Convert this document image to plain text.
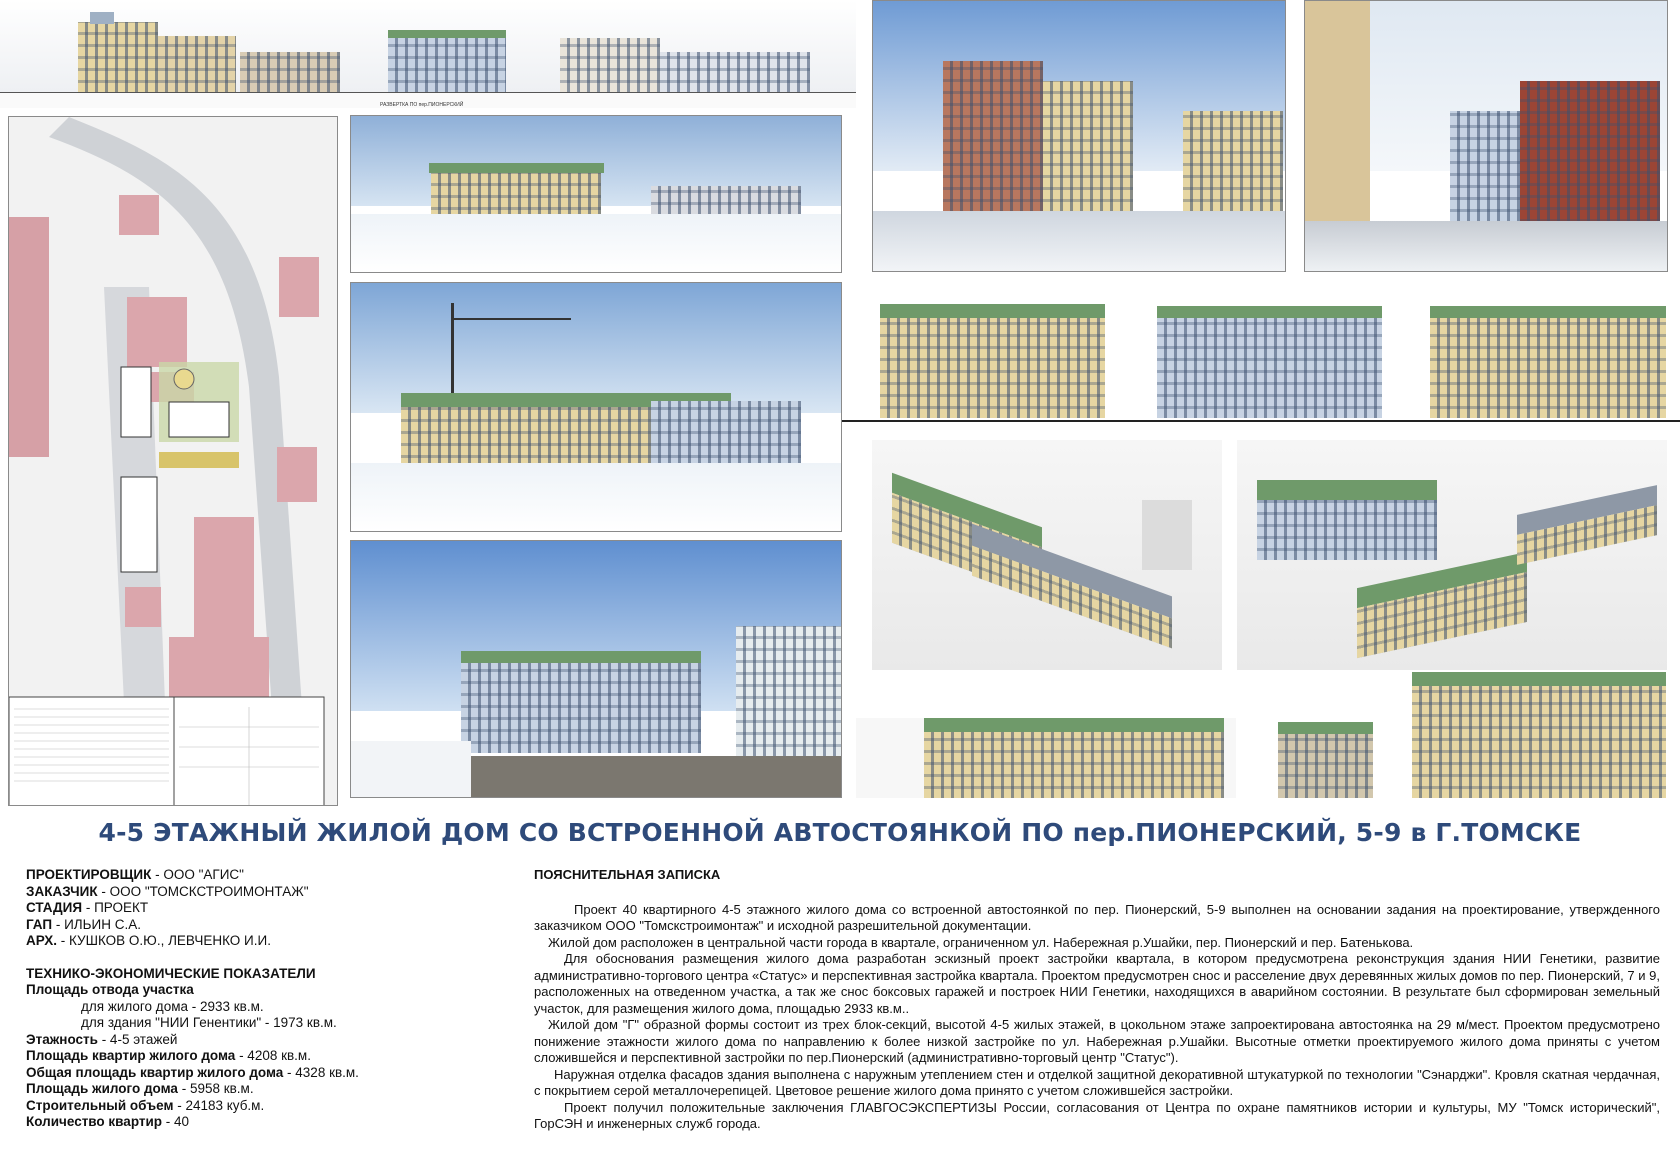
РАЗВЕРТКА ПО пер.ПИОНЕРСКИЙ
4-5 ЭТАЖНЫЙ ЖИЛОЙ ДОМ СО ВСТРОЕННОЙ АВТОСТОЯНКОЙ ПО пер.ПИОНЕРСКИЙ, 5-9 в Г.ТОМСКЕ
ПРОЕКТИРОВЩИК - ООО "АГИС"
ЗАКАЗЧИК - ООО "ТОМСКСТРОИМОНТАЖ"
СТАДИЯ - ПРОЕКТ
ГАП - ИЛЬИН С.А.
АРХ. - КУШКОВ О.Ю., ЛЕВЧЕНКО И.И.
ТЕХНИКО-ЭКОНОМИЧЕСКИЕ ПОКАЗАТЕЛИ
Площадь отвода участка
для жилого дома - 2933 кв.м.
для здания "НИИ Генентики" - 1973 кв.м.
Этажность - 4-5 этажей
Площадь квартир жилого дома - 4208 кв.м.
Общая площадь квартир жилого дома - 4328 кв.м.
Площадь жилого дома - 5958 кв.м.
Строительный объем - 24183 куб.м.
Количество квартир - 40

ПОЯСНИТЕЛЬНАЯ ЗАПИСКА

Проект 40 квартирного 4-5 этажного жилого дома со встроенной автостоянкой по пер. Пионерский, 5-9 выполнен на основании задания на проектирование, утвержденного заказчиком ООО "Томскстроимонтаж" и исходной разрешительной документации.

Жилой дом расположен в центральной части города в квартале, ограниченном ул. Набережная р.Ушайки, пер. Пионерский и пер. Батенькова.

Для обоснования размещения жилого дома разработан эскизный проект застройки квартала, в котором предусмотрена реконструкция здания НИИ Генетики, развитие административно-торгового центра «Статус» и перспективная застройка квартала. Проектом предусмотрен снос и расселение двух деревянных жилых домов по пер. Пионерский, 7 и 9, расположенных на отведенном участка, а так же снос боксовых гаражей и построек НИИ Генетики, находящихся в аварийном состоянии. В результате был сформирован земельный участок, для размещения жилого дома, площадью 2933 кв.м..

Жилой дом "Г" образной формы состоит из трех блок-секций, высотой 4-5 жилых этажей, в цокольном этаже запроектирована автостоянка на 29 м/мест. Проектом предусмотрено понижение этажности жилого дома по направлению к более низкой застройке по ул. Набережная р.Ушайки. Высотные отметки проектируемого жилого дома приняты с учетом сложившейся и перспективной застройки по пер.Пионерский (административно-торговый центр "Статус").

Наружная отделка фасадов здания выполнена с наружным утеплением стен и отделкой защитной декоративной штукатуркой по технологии "Сэнарджи". Кровля скатная чердачная, с покрытием серой металлочерепицей. Цветовое решение жилого дома принято с учетом сложившейся застройки.

Проект получил положительные заключения ГЛАВГОСЭКСПЕРТИЗЫ России, согласования от Центра по охране памятников истории и культуры, МУ "Томск исторический", ГорСЭН и инженерных служб города.
